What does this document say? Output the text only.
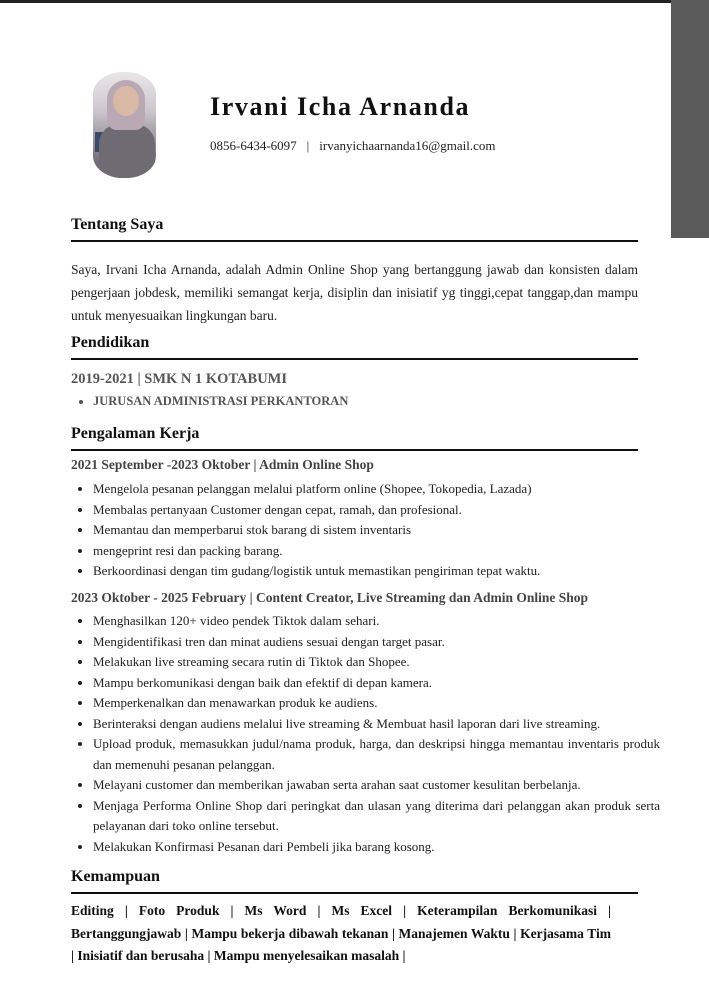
Irvani Icha Arnanda
0856-6434-6097 | irvanyichaarnanda16@gmail.com
Tentang Saya

Saya, Irvani Icha Arnanda, adalah Admin Online Shop yang bertanggung jawab dan konsisten dalam pengerjaan jobdesk, memiliki semangat kerja, disiplin dan inisiatif yg tinggi,cepat tanggap,dan mampu untuk menyesuaikan lingkungan baru.

Pendidikan
2019-2021 | SMK N 1 KOTABUMI
• JURUSAN ADMINISTRASI PERKANTORAN
Pengalaman Kerja
2021 September -2023 Oktober | Admin Online Shop
• Mengelola pesanan pelanggan melalui platform online (Shopee, Tokopedia, Lazada)
• Membalas pertanyaan Customer dengan cepat, ramah, dan profesional.
• Memantau dan memperbarui stok barang di sistem inventaris
• mengeprint resi dan packing barang.
• Berkoordinasi dengan tim gudang/logistik untuk memastikan pengiriman tepat waktu.
2023 Oktober - 2025 February | Content Creator, Live Streaming dan Admin Online Shop
• Menghasilkan 120+ video pendek Tiktok dalam sehari.
• Mengidentifikasi tren dan minat audiens sesuai dengan target pasar.
• Melakukan live streaming secara rutin di Tiktok dan Shopee.
• Mampu berkomunikasi dengan baik dan efektif di depan kamera.
• Memperkenalkan dan menawarkan produk ke audiens.
• Berinteraksi dengan audiens melalui live streaming & Membuat hasil laporan dari live streaming.
• Upload produk, memasukkan judul/nama produk, harga, dan deskripsi hingga memantau inventaris produk dan memenuhi pesanan pelanggan.
• Melayani customer dan memberikan jawaban serta arahan saat customer kesulitan berbelanja.
• Menjaga Performa Online Shop dari peringkat dan ulasan yang diterima dari pelanggan akan produk serta pelayanan dari toko online tersebut.
• Melakukan Konfirmasi Pesanan dari Pembeli jika barang kosong.
Kemampuan

Editing | Foto Produk | Ms Word | Ms Excel | Keterampilan Berkomunikasi | Bertanggungjawab | Mampu bekerja dibawah tekanan | Manajemen Waktu | Kerjasama Tim | Inisiatif dan berusaha | Mampu menyelesaikan masalah |
